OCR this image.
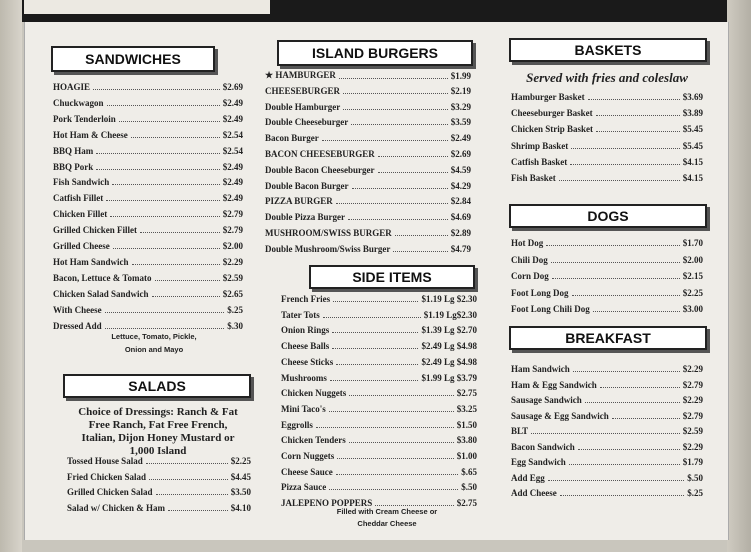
SANDWICHES
HOAGIE	$2.69
Chuckwagon	$2.49
Pork Tenderloin	$2.49
Hot Ham & Cheese	$2.54
BBQ Ham	$2.54
BBQ Pork	$2.49
Fish Sandwich	$2.49
Catfish Fillet	$2.49
Chicken Fillet	$2.79
Grilled Chicken Fillet	$2.79
Grilled Cheese	$2.00
Hot Ham Sandwich	$2.29
Bacon, Lettuce & Tomato	$2.59
Chicken Salad Sandwich	$2.65
With Cheese	$.25
Dressed Add	$.30
Lettuce, Tomato, Pickle,
Onion and Mayo
SALADS
Choice of Dressings: Ranch & Fat
Free Ranch, Fat Free French,
Italian, Dijon Honey Mustard or
1,000 Island
Tossed House Salad	$2.25
Fried Chicken Salad	$4.45
Grilled Chicken Salad	$3.50
Salad w/ Chicken & Ham	$4.10
ISLAND BURGERS
★ HAMBURGER	$1.99
CHEESEBURGER	$2.19
Double Hamburger	$3.29
Double Cheeseburger	$3.59
Bacon Burger	$2.49
BACON CHEESEBURGER	$2.69
Double Bacon Cheeseburger	$4.59
Double Bacon Burger	$4.29
PIZZA BURGER	$2.84
Double Pizza Burger	$4.69
MUSHROOM/SWISS BURGER	$2.89
Double Mushroom/Swiss Burger	$4.79
SIDE ITEMS
French Fries	$1.19 Lg $2.30
Tater Tots	$1.19 Lg$2.30
Onion Rings	$1.39 Lg $2.70
Cheese Balls	$2.49 Lg $4.98
Cheese Sticks	$2.49 Lg $4.98
Mushrooms	$1.99 Lg $3.79
Chicken Nuggets	$2.75
Mini Taco's	$3.25
Eggrolls	$1.50
Chicken Tenders	$3.80
Corn Nuggets	$1.00
Cheese Sauce	$.65
Pizza Sauce	$.50
JALEPENO POPPERS	$2.75
Filled with Cream Cheese or
Cheddar Cheese
BASKETS
Served with fries and coleslaw
Hamburger Basket	$3.69
Cheeseburger Basket	$3.89
Chicken Strip Basket	$5.45
Shrimp Basket	$5.45
Catfish Basket	$4.15
Fish Basket	$4.15
DOGS
Hot Dog	$1.70
Chili Dog	$2.00
Corn Dog	$2.15
Foot Long Dog	$2.25
Foot Long Chili Dog	$3.00
BREAKFAST
Ham Sandwich	$2.29
Ham & Egg Sandwich	$2.79
Sausage Sandwich	$2.29
Sausage & Egg Sandwich	$2.79
BLT	$2.59
Bacon Sandwich	$2.29
Egg Sandwich	$1.79
Add Egg	$.50
Add Cheese	$.25
